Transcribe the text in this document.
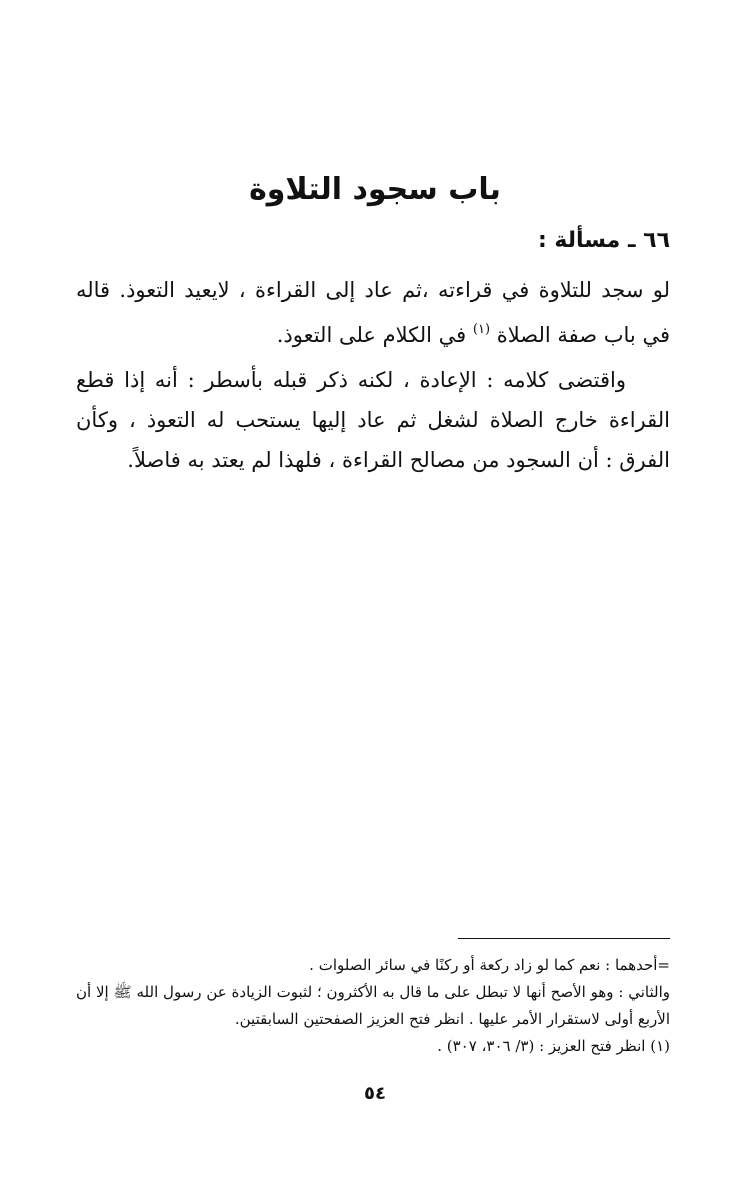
باب سجود التلاوة
٦٦ ـ مسألة :
لو سجد للتلاوة في قراءته ،ثم عاد إلى القراءة ، لايعيد التعوذ. قاله في باب صفة الصلاة $^{(١)}$ في الكلام على التعوذ.
واقتضى كلامه : الإعادة ، لكنه ذكر قبله بأسطر : أنه إذا قطع القراءة خارج الصلاة لشغل ثم عاد إليها يستحب له التعوذ ، وكأن الفرق : أن السجود من مصالح القراءة ، فلهذا لم يعتد به فاصلاً.

=أحدهما : نعم كما لو زاد ركعة أو ركنًا في سائر الصلوات .

والثاني : وهو الأصح أنها لا تبطل على ما قال به الأكثرون ؛ لثبوت الزيادة عن رسول الله ﷺ إلا أن الأربع أولى لاستقرار الأمر عليها . انظر فتح العزيز الصفحتين السابقتين.

(١) انظر فتح العزيز : (٣/ ٣٠٦، ٣٠٧) .

٥٤
